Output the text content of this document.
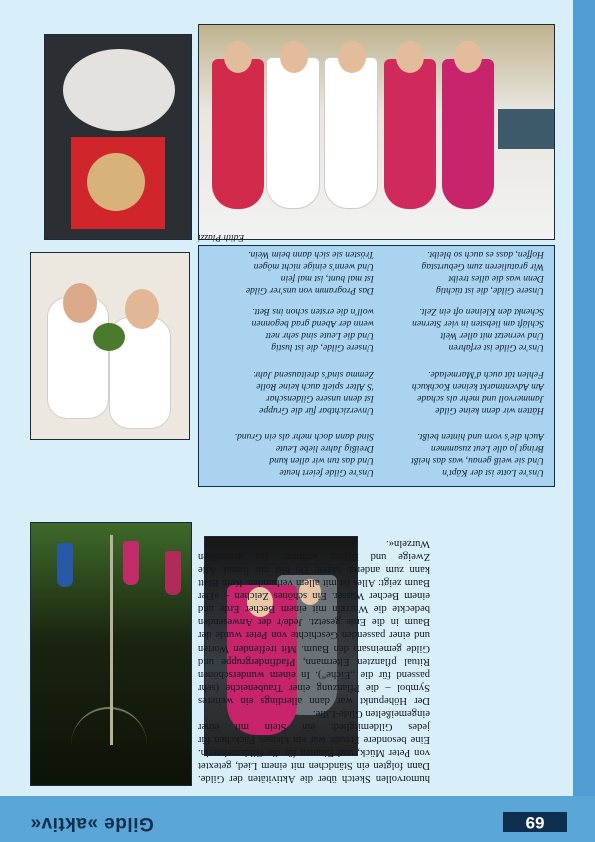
69
Gilde »aktiv«

humorvollen Sketch über die Aktivitäten der Gilde. Dann folgten ein Ständchen mit einem Lied, getextet von Peter Mück, und Blumen für die Gildemeisterin. Eine besondere Freude war ein kleines Päckchen für jedes Gildemitglied: ein Stein mit einer eingemeißelten Gilde-Lilie.

Der Höhepunkt war dann allerdings ein weiteres Symbol – die Pflanzung einer Traubeneiche (sehr passend für die „Eiche“). In einem wunderschönen Ritual pflanzten Eltermann, Pfadfindergruppe und Gilde gemeinsam den Baum. Mit treffenden Worten und einer passenden Geschichte von Peter wurde der Baum in die Erde gesetzt. Jede/r der Anwesenden bedeckte die Wurzeln mit einem Becher Erde und einem Becher Wasser. Ein schönes Zeichen – »Der Baum zeigt: Alles ist mit allem verbunden. Kein Blatt kann zum anderen sagen: Du bist mir fremd. Alle Zweige und Blätter kommen aus demselben Wurzeln«.

Edith Piazzi
Uns're Gilde feiert heute
Und das tun wir allen kund
Dreißig Jahre liebe Leute
Sind dann doch mehr als ein Grund.
Unverzichtbar für die Gruppe
Ist denn unsere Gildenschar
'S Alter spielt auch keine Rolle
Zemma sind's dreitausend Jahr.
Unsere Gilde, die ist lustig
Und die Leute sind sehr nett
wenn der Abend grad begonnen
woll'n die ersten schon ins Bett.
Uns're Lotte ist der Käpt'n
Und sie weiß genau, was das heißt
Bringt ja alle Leut zusammen
Auch die's vorn und hinten beißt.
Hätten wir denn keine Gilde
Jammervoll und mehr als schade
Am Adventmarkt keinen Kochkuch
Fehlen tät auch d'Marmelade.
Uns're Gilde ist erfahren
Und vernetzt mit aller Welt
Schläft am liebsten in vier Sternen
Schenkt den Kleinen oft ein Zelt.
Das Programm von uns'rer Gilde
Ist mal bunt, ist mal fein
Und wenn's einige nicht mögen
Trösten sie sich dann beim Wein.
Unsere Gilde, die ist tüchtig
Denn was die alles treibt
Wir gratulieren zum Geburtstag
Hoffen, dass es auch so bleibt.
